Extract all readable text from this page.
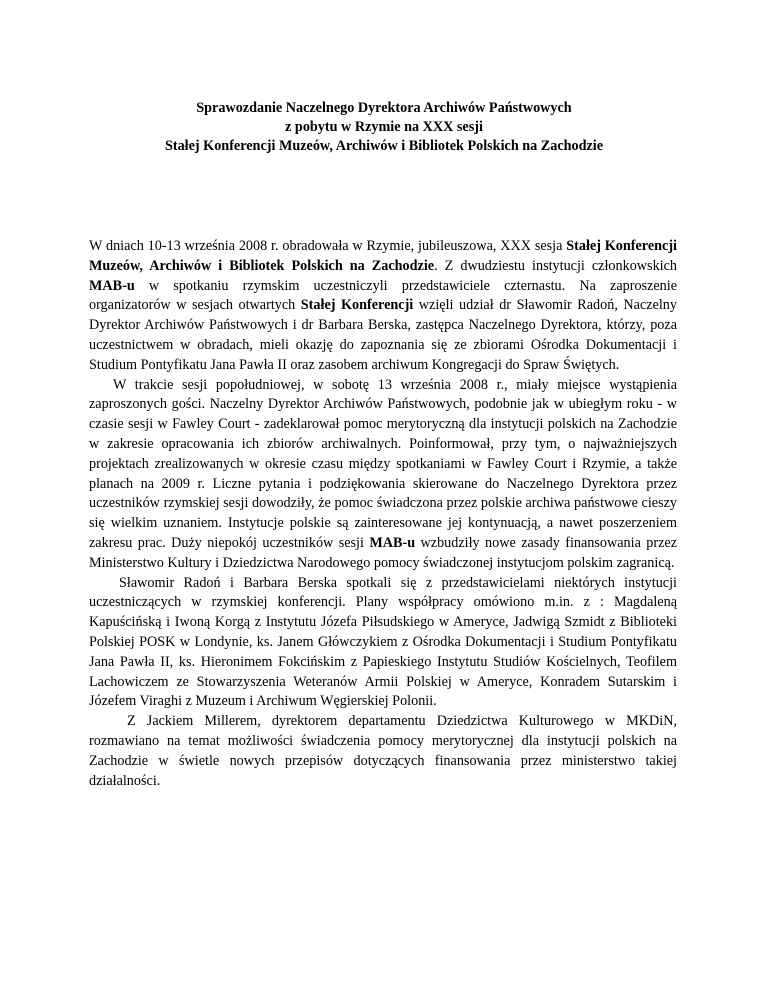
Sprawozdanie Naczelnego Dyrektora Archiwów Państwowych
z pobytu w Rzymie na XXX sesji
Stałej Konferencji Muzeów, Archiwów i Bibliotek Polskich na Zachodzie

W dniach 10-13 września 2008 r. obradowała w Rzymie, jubileuszowa, XXX sesja Stałej Konferencji Muzeów, Archiwów i Bibliotek Polskich na Zachodzie. Z dwudziestu instytucji członkowskich MAB-u w spotkaniu rzymskim uczestniczyli przedstawiciele czternastu. Na zaproszenie organizatorów w sesjach otwartych Stałej Konferencji wzięli udział dr Sławomir Radoń, Naczelny Dyrektor Archiwów Państwowych i dr Barbara Berska, zastępca Naczelnego Dyrektora, którzy, poza uczestnictwem w obradach, mieli okazję do zapoznania się ze zbiorami Ośrodka Dokumentacji i Studium Pontyfikatu Jana Pawła II oraz zasobem archiwum Kongregacji do Spraw Świętych.

W trakcie sesji popołudniowej, w sobotę 13 września 2008 r., miały miejsce wystąpienia zaproszonych gości. Naczelny Dyrektor Archiwów Państwowych, podobnie jak w ubiegłym roku - w czasie sesji w Fawley Court - zadeklarował pomoc merytoryczną dla instytucji polskich na Zachodzie w zakresie opracowania ich zbiorów archiwalnych. Poinformował, przy tym, o najważniejszych projektach zrealizowanych w okresie czasu między spotkaniami w Fawley Court i Rzymie, a także planach na 2009 r. Liczne pytania i podziękowania skierowane do Naczelnego Dyrektora przez uczestników rzymskiej sesji dowodziły, że pomoc świadczona przez polskie archiwa państwowe cieszy się wielkim uznaniem. Instytucje polskie są zainteresowane jej kontynuacją, a nawet poszerzeniem zakresu prac. Duży niepokój uczestników sesji MAB-u wzbudziły nowe zasady finansowania przez Ministerstwo Kultury i Dziedzictwa Narodowego pomocy świadczonej instytucjom polskim zagranicą.

Sławomir Radoń i Barbara Berska spotkali się z przedstawicielami niektórych instytucji uczestniczących w rzymskiej konferencji. Plany współpracy omówiono m.in. z : Magdaleną Kapuścińską i Iwoną Korgą z Instytutu Józefa Piłsudskiego w Ameryce, Jadwigą Szmidt z Biblioteki Polskiej POSK w Londynie, ks. Janem Główczykiem z Ośrodka Dokumentacji i Studium Pontyfikatu Jana Pawła II, ks. Hieronimem Fokcińskim z Papieskiego Instytutu Studiów Kościelnych, Teofilem Lachowiczem ze Stowarzyszenia Weteranów Armii Polskiej w Ameryce, Konradem Sutarskim i Józefem Viraghi z Muzeum i Archiwum Węgierskiej Polonii.

Z Jackiem Millerem, dyrektorem departamentu Dziedzictwa Kulturowego w MKDiN, rozmawiano na temat możliwości świadczenia pomocy merytorycznej dla instytucji polskich na Zachodzie w świetle nowych przepisów dotyczących finansowania przez ministerstwo takiej działalności.
